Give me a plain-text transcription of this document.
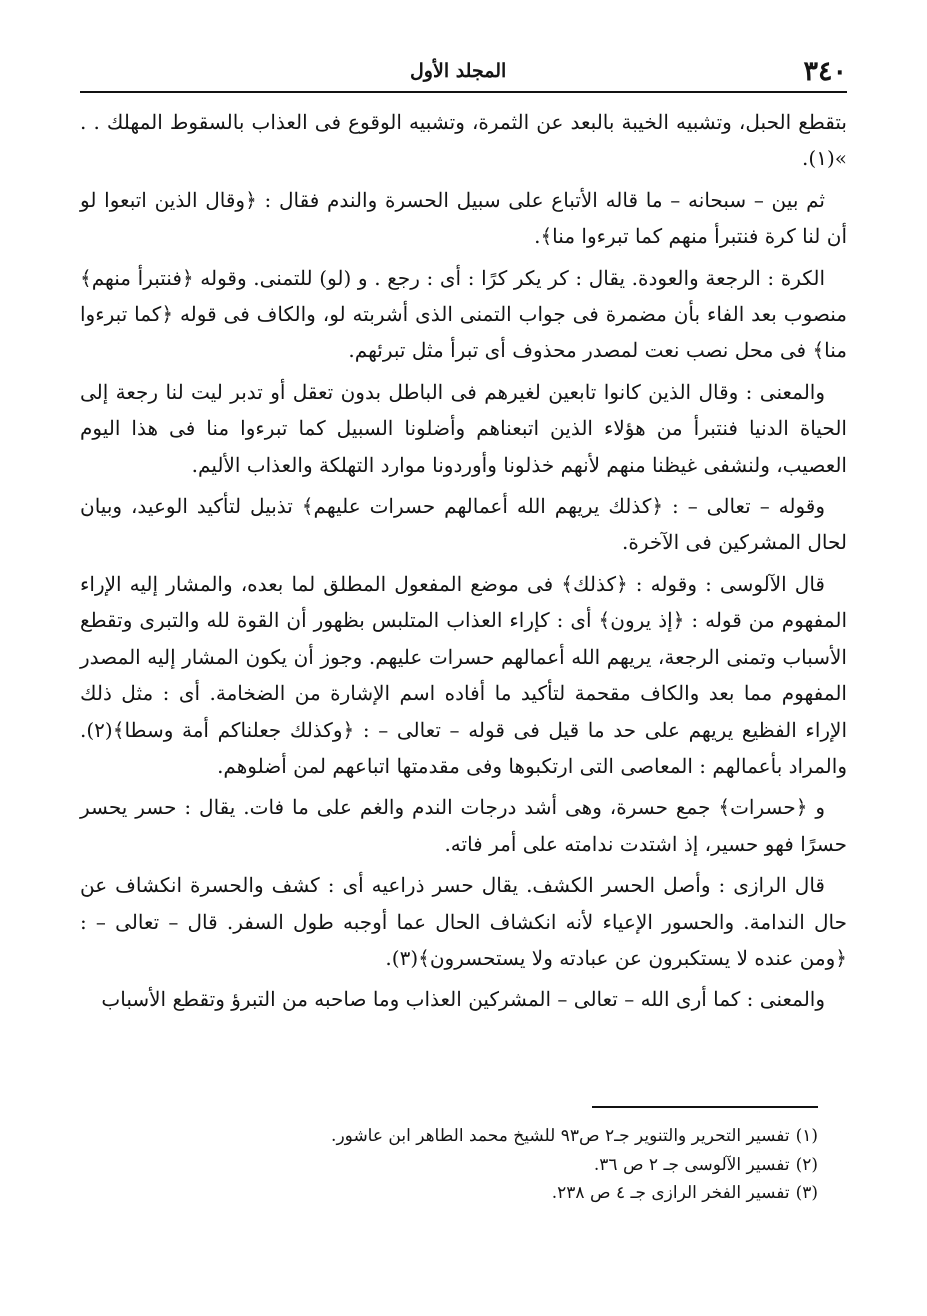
٣٤٠
المجلد الأول

بتقطع الحبل، وتشبيه الخيبة بالبعد عن الثمرة، وتشبيه الوقوع فى العذاب بالسقوط المهلك . . »(١).

ثم بين – سبحانه – ما قاله الأتباع على سبيل الحسرة والندم فقال : ﴿وقال الذين اتبعوا لو أن لنا كرة فنتبرأ منهم كما تبرءوا منا﴾.

الكرة : الرجعة والعودة. يقال : كر يكر كرًا : أى : رجع . و (لو) للتمنى. وقوله ﴿فنتبرأ منهم﴾ منصوب بعد الفاء بأن مضمرة فى جواب التمنى الذى أشربته لو، والكاف فى قوله ﴿كما تبرءوا منا﴾ فى محل نصب نعت لمصدر محذوف أى تبرأ مثل تبرئهم.

والمعنى : وقال الذين كانوا تابعين لغيرهم فى الباطل بدون تعقل أو تدبر ليت لنا رجعة إلى الحياة الدنيا فنتبرأ من هؤلاء الذين اتبعناهم وأضلونا السبيل كما تبرءوا منا فى هذا اليوم العصيب، ولنشفى غيظنا منهم لأنهم خذلونا وأوردونا موارد التهلكة والعذاب الأليم.

وقوله – تعالى – : ﴿كذلك يريهم الله أعمالهم حسرات عليهم﴾ تذبيل لتأكيد الوعيد، وبيان لحال المشركين فى الآخرة.

قال الآلوسى : وقوله : ﴿كذلك﴾ فى موضع المفعول المطلق لما بعده، والمشار إليه الإراء المفهوم من قوله : ﴿إذ يرون﴾ أى : كإراء العذاب المتلبس بظهور أن القوة لله والتبرى وتقطع الأسباب وتمنى الرجعة، يريهم الله أعمالهم حسرات عليهم. وجوز أن يكون المشار إليه المصدر المفهوم مما بعد والكاف مقحمة لتأكيد ما أفاده اسم الإشارة من الضخامة. أى : مثل ذلك الإراء الفظيع يريهم على حد ما قيل فى قوله – تعالى – : ﴿وكذلك جعلناكم أمة وسطا﴾(٢). والمراد بأعمالهم : المعاصى التى ارتكبوها وفى مقدمتها اتباعهم لمن أضلوهم.

و ﴿حسرات﴾ جمع حسرة، وهى أشد درجات الندم والغم على ما فات. يقال : حسر يحسر حسرًا فهو حسير، إذ اشتدت ندامته على أمر فاته.

قال الرازى : وأصل الحسر الكشف. يقال حسر ذراعيه أى : كشف والحسرة انكشاف عن حال الندامة. والحسور الإعياء لأنه انكشاف الحال عما أوجبه طول السفر. قال – تعالى – : ﴿ومن عنده لا يستكبرون عن عبادته ولا يستحسرون﴾(٣).

والمعنى : كما أرى الله – تعالى – المشركين العذاب وما صاحبه من التبرؤ وتقطع الأسباب

(١)
تفسير التحرير والتنوير جـ٢ ص٩٣ للشيخ محمد الطاهر ابن عاشور.
(٢)
تفسير الآلوسى جـ ٢ ص ٣٦.
(٣)
تفسير الفخر الرازى جـ ٤ ص ٢٣٨.
